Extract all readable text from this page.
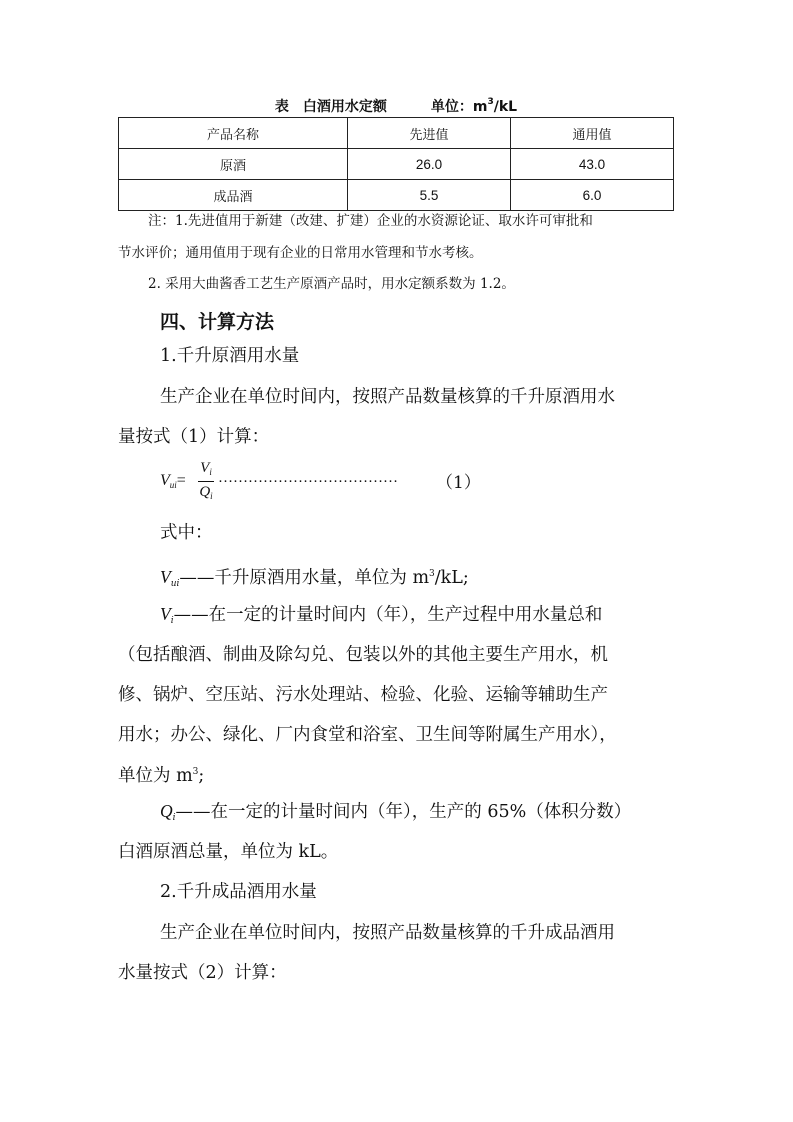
表　白酒用水定额	单位：$m^3/kL$
产品名称	先进值	通用值
原酒	26.0	43.0
成品酒	5.5	6.0
注：1.先进值用于新建（改建、扩建）企业的水资源论证、取水许可审批和
节水评价；通用值用于现有企业的日常用水管理和节水考核。
2. 采用大曲酱香工艺生产原酒产品时，用水定额系数为 1.2。
四、计算方法
1.千升原酒用水量
生产企业在单位时间内，按照产品数量核算的千升原酒用水
量按式（1）计算：
$V_{ui}=$
$V_i$
$Q_i$
……………………………… （1）
式中：
$V_{ui}——$千升原酒用水量，单位为 $m^3/kL$;
$V_i——$在一定的计量时间内（年），生产过程中用水量总和
（包括酿酒、制曲及除勾兑、包装以外的其他主要生产用水，机
修、锅炉、空压站、污水处理站、检验、化验、运输等辅助生产
用水；办公、绿化、厂内食堂和浴室、卫生间等附属生产用水），
单位为 $m^3$;
$Q_i——$在一定的计量时间内（年），生产的 65%（体积分数）
白酒原酒总量，单位为 kL。
2.千升成品酒用水量
生产企业在单位时间内，按照产品数量核算的千升成品酒用
水量按式（2）计算：
